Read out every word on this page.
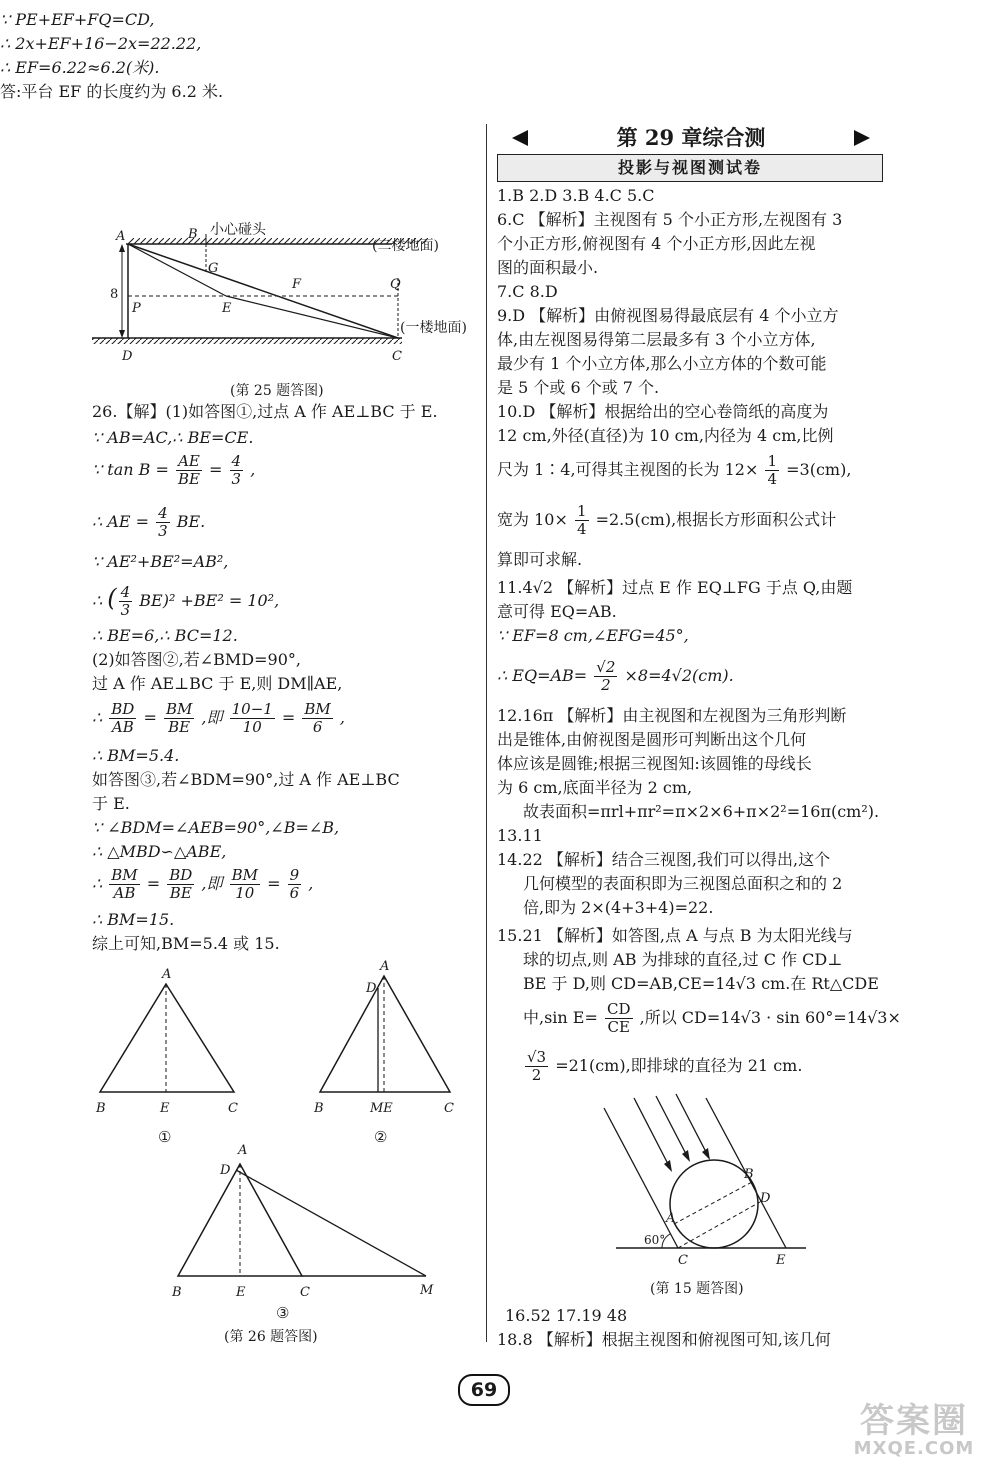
∵ PE+EF+FQ=CD,
∴ 2x+EF+16−2x=22.22,
∴ EF=6.22≈6.2(米).
答:平台 EF 的长度约为 6.2 米.
A	B
G
小心碰头
(二楼地面)
8
P	E
F	Q
(一楼地面)
D	C
(第 25 题答图)
26.【解】(1)如答图①,过点 A 作 AE⊥BC 于 E.
∵ AB=AC,∴ BE=CE.
∵ $\tan B = \frac{AE}{BE} = \frac{4}{3}$ ,
∴ AE = $\frac{4}{3}$ BE.
∵ AE²+BE²=AB²,
∴ ( $\frac{4}{3} BE)^2 +BE^2 = 10^2$,
∴ BE=6,∴ BC=12.
(2)如答图②,若∠BMD=90°,
过 A 作 AE⊥BC 于 E,则 DM∥AE,
∴ $\frac{BD}{AB} = \frac{BM}{BE}$ ,即 $\frac{10-1}{10} = \frac{BM}{6}$ ,
∴ BM=5.4.
如答图③,若∠BDM=90°,过 A 作 AE⊥BC
于 E.
∵ ∠BDM=∠AEB=90°,∠B=∠B,
∴ △MBD∽△ABE,
∴ $\frac{BM}{AB} = \frac{BD}{BE}$ ,即 $\frac{BM}{10} = \frac{9}{6}$ ,
∴ BM=15.
综上可知,BM=5.4 或 15.
A
B	E	C
①
A
D
B	ME	C
②
A
D
B	E	C	M
③
(第 26 题答图)
第 29 章综合测
投影与视图测试卷
1.B 2.D 3.B 4.C 5.C
6.C 【解析】主视图有 5 个小正方形,左视图有 3
个小正方形,俯视图有 4 个小正方形,因此左视
图的面积最小.
7.C 8.D
9.D 【解析】由俯视图易得最底层有 4 个小立方
体,由左视图易得第二层最多有 3 个小立方体,
最少有 1 个小立方体,那么小立方体的个数可能
是 5 个或 6 个或 7 个.
10.D 【解析】根据给出的空心卷筒纸的高度为
12 cm,外径(直径)为 10 cm,内径为 4 cm,比例
尺为 1∶4,可得其主视图的长为 $12\times \frac{1}{4} =3(cm)$,
宽为 $10\times \frac{1}{4} =2.5(cm)$,根据长方形面积公式计
算即可求解.
11.4√2 【解析】过点 E 作 EQ⊥FG 于点 Q,由题
意可得 EQ=AB.
∵ EF=8 cm,∠EFG=45°,
∴ $EQ=AB= \frac{√2}{2} \times 8=4√2(cm)$.
12.16π 【解析】由主视图和左视图为三角形判断
出是锥体,由俯视图是圆形可判断出这个几何
体应该是圆锥;根据三视图知:该圆锥的母线长
为 6 cm,底面半径为 2 cm,
故表面积=πrl+πr²=π×2×6+π×2²=16π(cm²).
13.11
14.22 【解析】结合三视图,我们可以得出,这个
几何模型的表面积即为三视图总面积之和的 2
倍,即为 2×(4+3+4)=22.
15.21 【解析】如答图,点 A 与点 B 为太阳光线与
球的切点,则 AB 为排球的直径,过 C 作 CD⊥
BE 于 D,则 CD=AB,CE=14√3 cm.在 Rt△CDE
中,sin $E= \frac{CD}{CE}$ ,所以 CD=14√3 · sin 60°=14√3×
$\frac{√3}{2} =21(cm)$,即排球的直径为 21 cm.
A
B
D
C	E
60°
(第 15 题答图)
16.52 17.19 48
18.8 【解析】根据主视图和俯视图可知,该几何
69
答案圈
MXQE.COM
